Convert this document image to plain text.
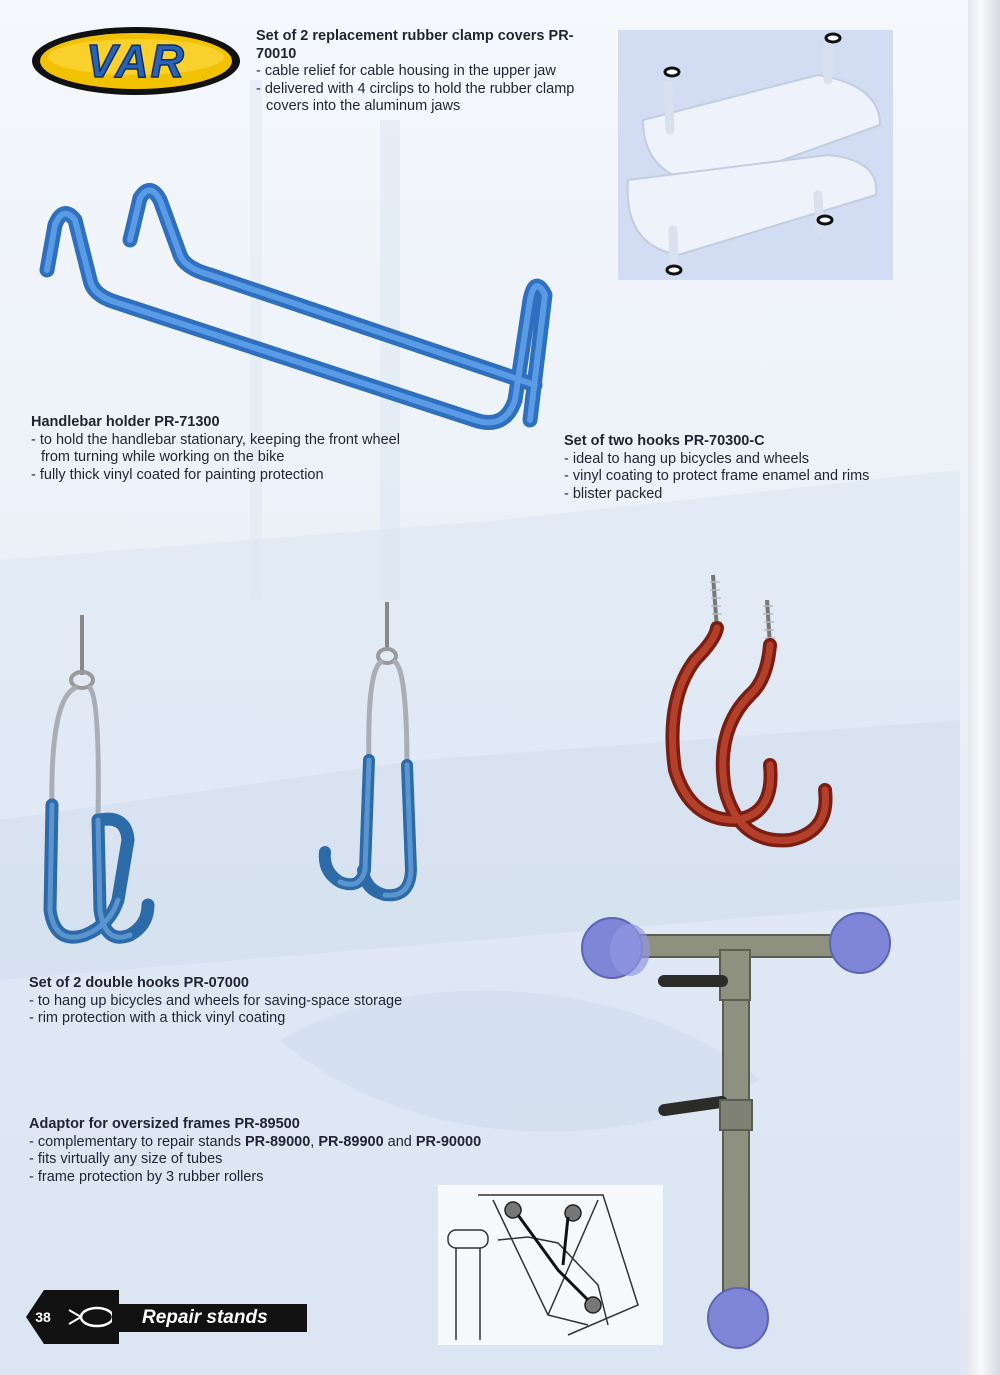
VAR	Set of 2 replacement rubber clamp covers PR-70010
- cable relief for cable housing in the upper jaw
- delivered with 4 circlips to hold the rubber clamp covers into the aluminum jaws
Handlebar holder PR-71300
- to hold the handlebar stationary, keeping the front wheel from turning while working on the bike
- fully thick vinyl coated for painting protection
Set of two hooks PR-70300-C
- ideal to hang up bicycles and wheels
- vinyl coating to protect frame enamel and rims
- blister packed
Set of 2 double hooks PR-07000
- to hang up bicycles and wheels for saving-space storage
- rim protection with a thick vinyl coating
Adaptor for oversized frames PR-89500
- complementary to repair stands PR-89000, PR-89900 and PR-90000
- fits virtually any size of tubes
- frame protection by 3 rubber rollers
38	Repair stands
